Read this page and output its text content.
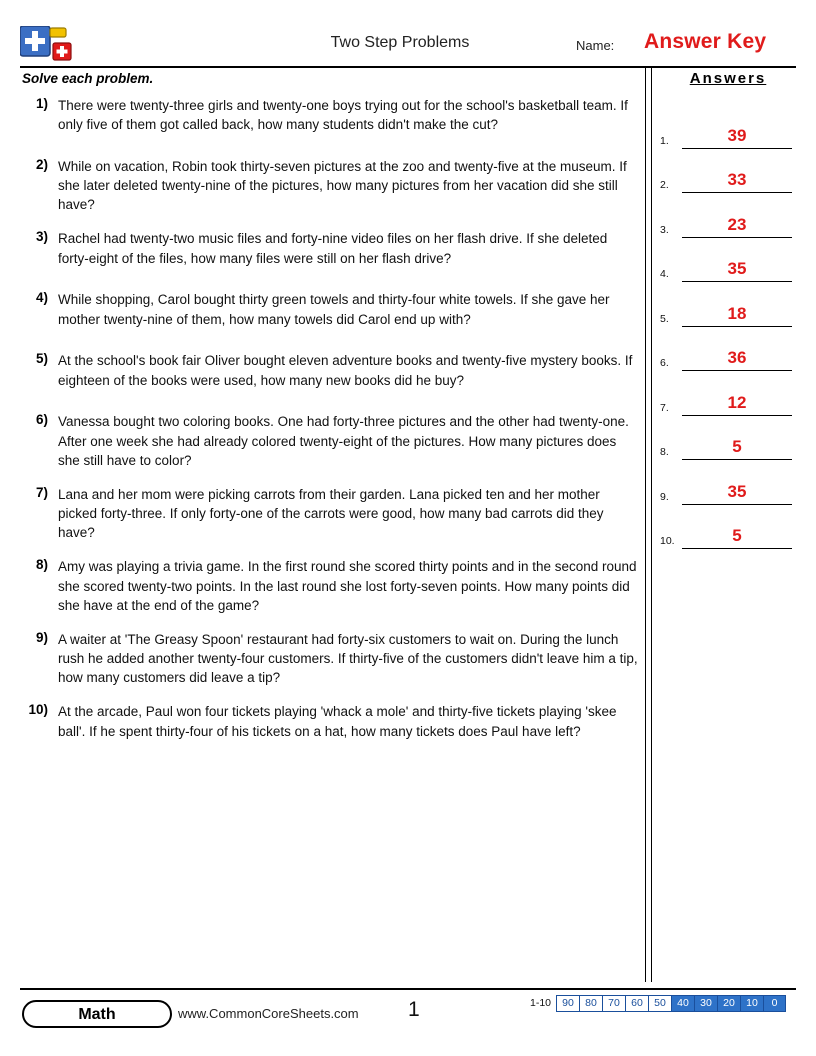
Two Step Problems	Name: Answer Key
Solve each problem.
1) There were twenty-three girls and twenty-one boys trying out for the school's basketball team. If only five of them got called back, how many students didn't make the cut?
2) While on vacation, Robin took thirty-seven pictures at the zoo and twenty-five at the museum. If she later deleted twenty-nine of the pictures, how many pictures from her vacation did she still have?
3) Rachel had twenty-two music files and forty-nine video files on her flash drive. If she deleted forty-eight of the files, how many files were still on her flash drive?
4) While shopping, Carol bought thirty green towels and thirty-four white towels. If she gave her mother twenty-nine of them, how many towels did Carol end up with?
5) At the school's book fair Oliver bought eleven adventure books and twenty-five mystery books. If eighteen of the books were used, how many new books did he buy?
6) Vanessa bought two coloring books. One had forty-three pictures and the other had twenty-one. After one week she had already colored twenty-eight of the pictures. How many pictures does she still have to color?
7) Lana and her mom were picking carrots from their garden. Lana picked ten and her mother picked forty-three. If only forty-one of the carrots were good, how many bad carrots did they have?
8) Amy was playing a trivia game. In the first round she scored thirty points and in the second round she scored twenty-two points. In the last round she lost forty-seven points. How many points did she have at the end of the game?
9) A waiter at 'The Greasy Spoon' restaurant had forty-six customers to wait on. During the lunch rush he added another twenty-four customers. If thirty-five of the customers didn't leave him a tip, how many customers did leave a tip?
10) At the arcade, Paul won four tickets playing 'whack a mole' and thirty-five tickets playing 'skee ball'. If he spent thirty-four of his tickets on a hat, how many tickets does Paul have left?
Answers
1.	39
2.	33
3.	23
4.	35
5.	18
6.	36
7.	12
8.	5
9.	35
10.	5
Math	www.CommonCoreSheets.com 1	1-10	90	80	70	60	50	40	30	20	10	0
